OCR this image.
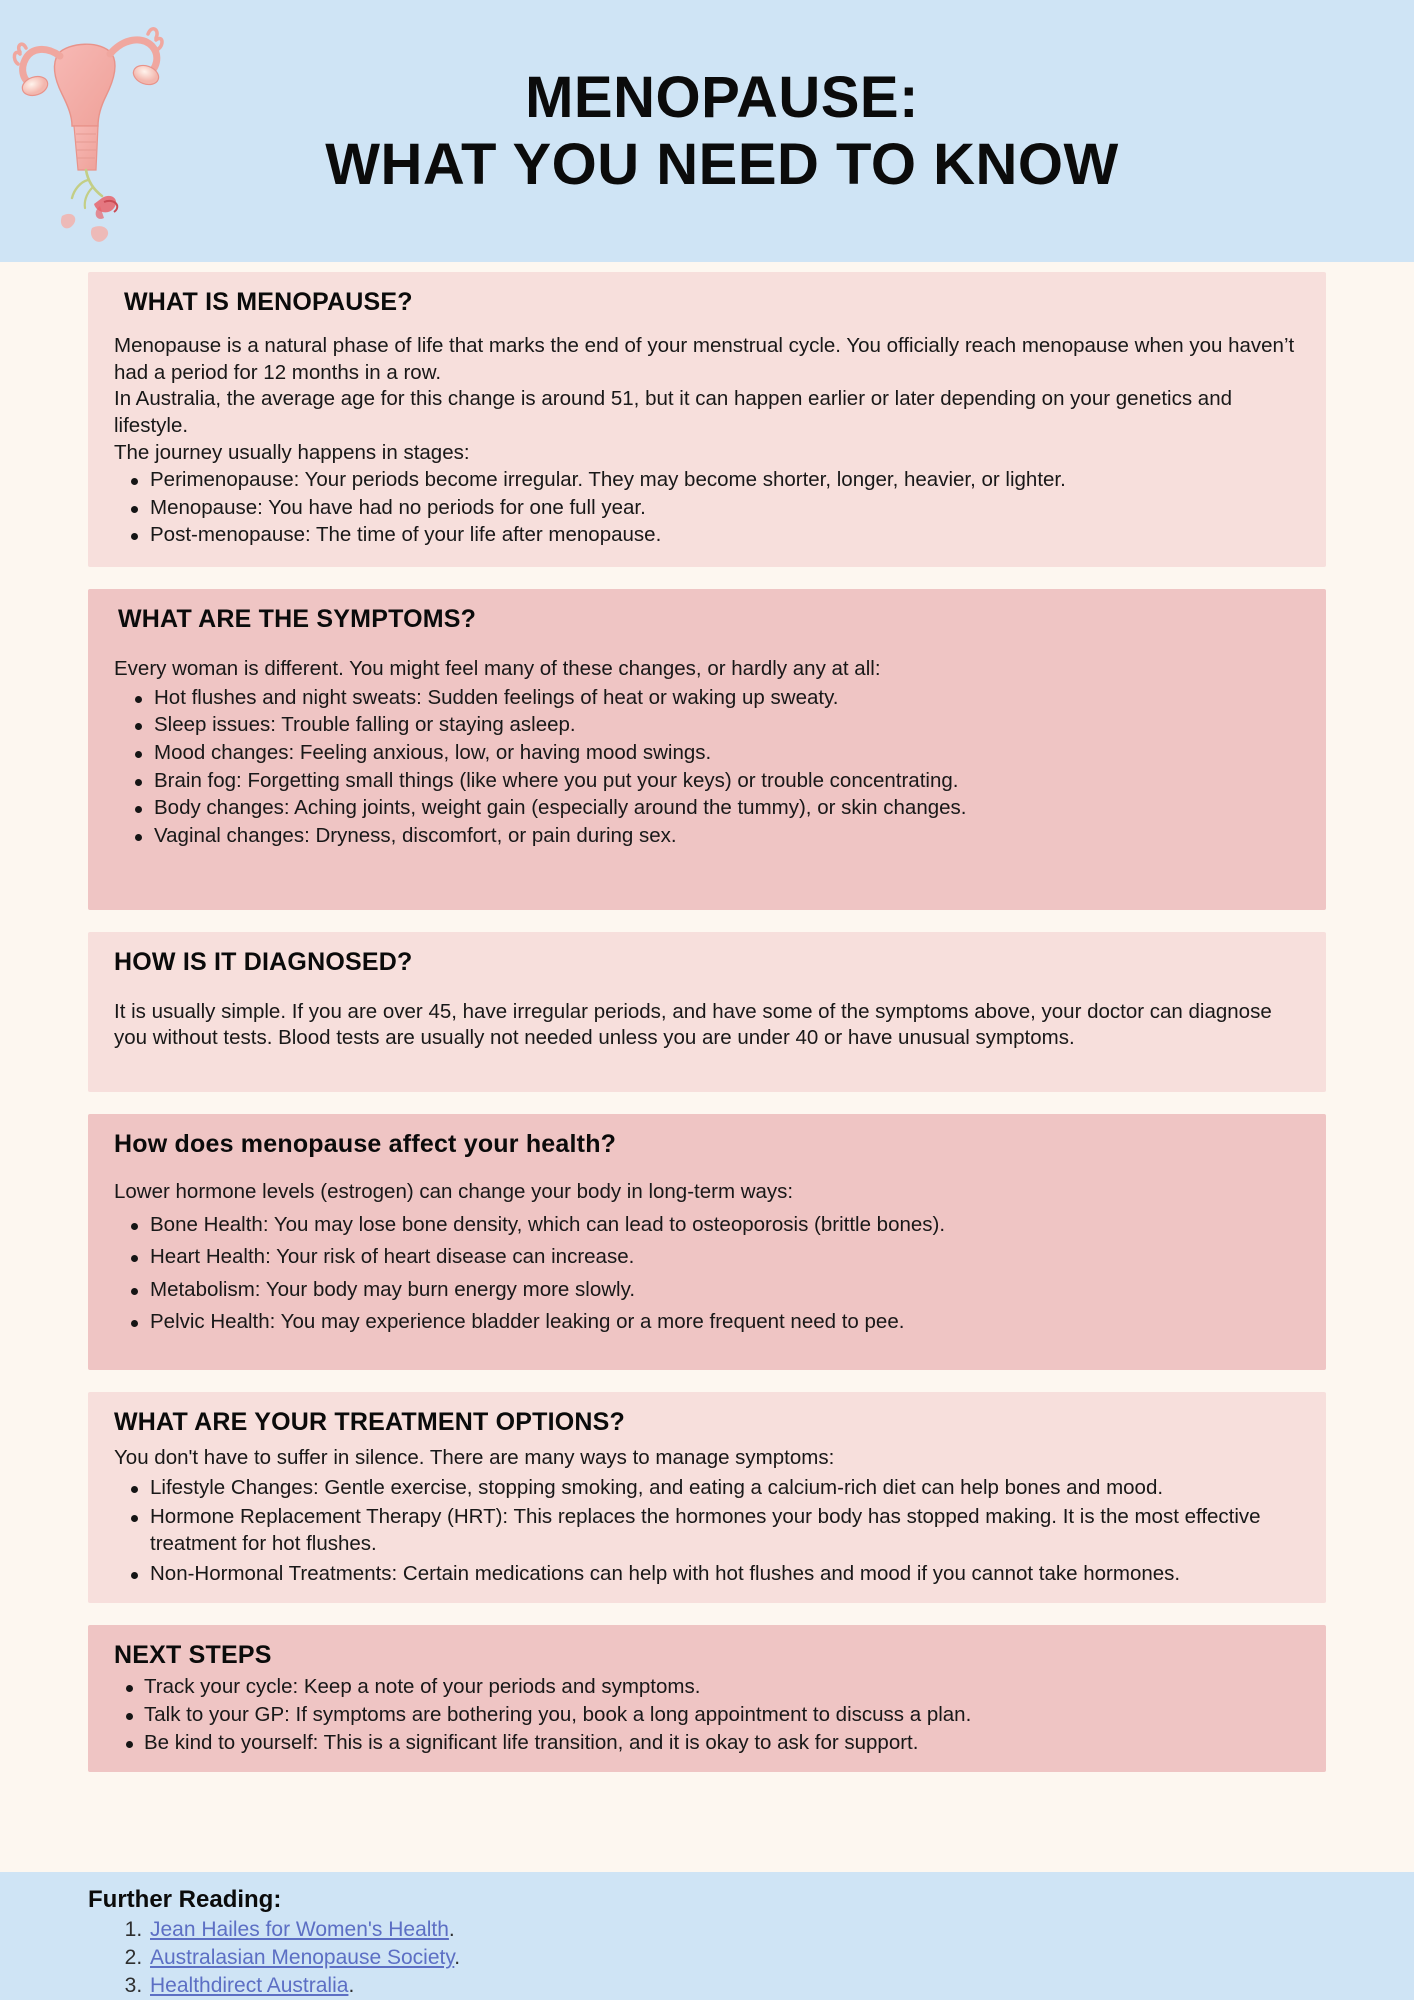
MENOPAUSE:
WHAT YOU NEED TO KNOW
WHAT IS MENOPAUSE?

Menopause is a natural phase of life that marks the end of your menstrual cycle. You officially reach menopause when you haven’t had a period for 12 months in a row.

In Australia, the average age for this change is around 51, but it can happen earlier or later depending on your genetics and lifestyle.

The journey usually happens in stages:

Perimenopause: Your periods become irregular. They may become shorter, longer, heavier, or lighter.
Menopause: You have had no periods for one full year.
Post-menopause: The time of your life after menopause.
WHAT ARE THE SYMPTOMS?

Every woman is different. You might feel many of these changes, or hardly any at all:

Hot flushes and night sweats: Sudden feelings of heat or waking up sweaty.
Sleep issues: Trouble falling or staying asleep.
Mood changes: Feeling anxious, low, or having mood swings.
Brain fog: Forgetting small things (like where you put your keys) or trouble concentrating.
Body changes: Aching joints, weight gain (especially around the tummy), or skin changes.
Vaginal changes: Dryness, discomfort, or pain during sex.
HOW IS IT DIAGNOSED?

It is usually simple. If you are over 45, have irregular periods, and have some of the symptoms above, your doctor can diagnose you without tests. Blood tests are usually not needed unless you are under 40 or have unusual symptoms.

How does menopause affect your health?

Lower hormone levels (estrogen) can change your body in long-term ways:

Bone Health: You may lose bone density, which can lead to osteoporosis (brittle bones).
Heart Health: Your risk of heart disease can increase.
Metabolism: Your body may burn energy more slowly.
Pelvic Health: You may experience bladder leaking or a more frequent need to pee.
WHAT ARE YOUR TREATMENT OPTIONS?

You don't have to suffer in silence. There are many ways to manage symptoms:

Lifestyle Changes: Gentle exercise, stopping smoking, and eating a calcium-rich diet can help bones and mood.
Hormone Replacement Therapy (HRT): This replaces the hormones your body has stopped making. It is the most effective treatment for hot flushes.
Non-Hormonal Treatments: Certain medications can help with hot flushes and mood if you cannot take hormones.
NEXT STEPS
Track your cycle: Keep a note of your periods and symptoms.
Talk to your GP: If symptoms are bothering you, book a long appointment to discuss a plan.
Be kind to yourself: This is a significant life transition, and it is okay to ask for support.
Further Reading:
1. Jean Hailes for Women's Health.
2. Australasian Menopause Society.
3. Healthdirect Australia.
